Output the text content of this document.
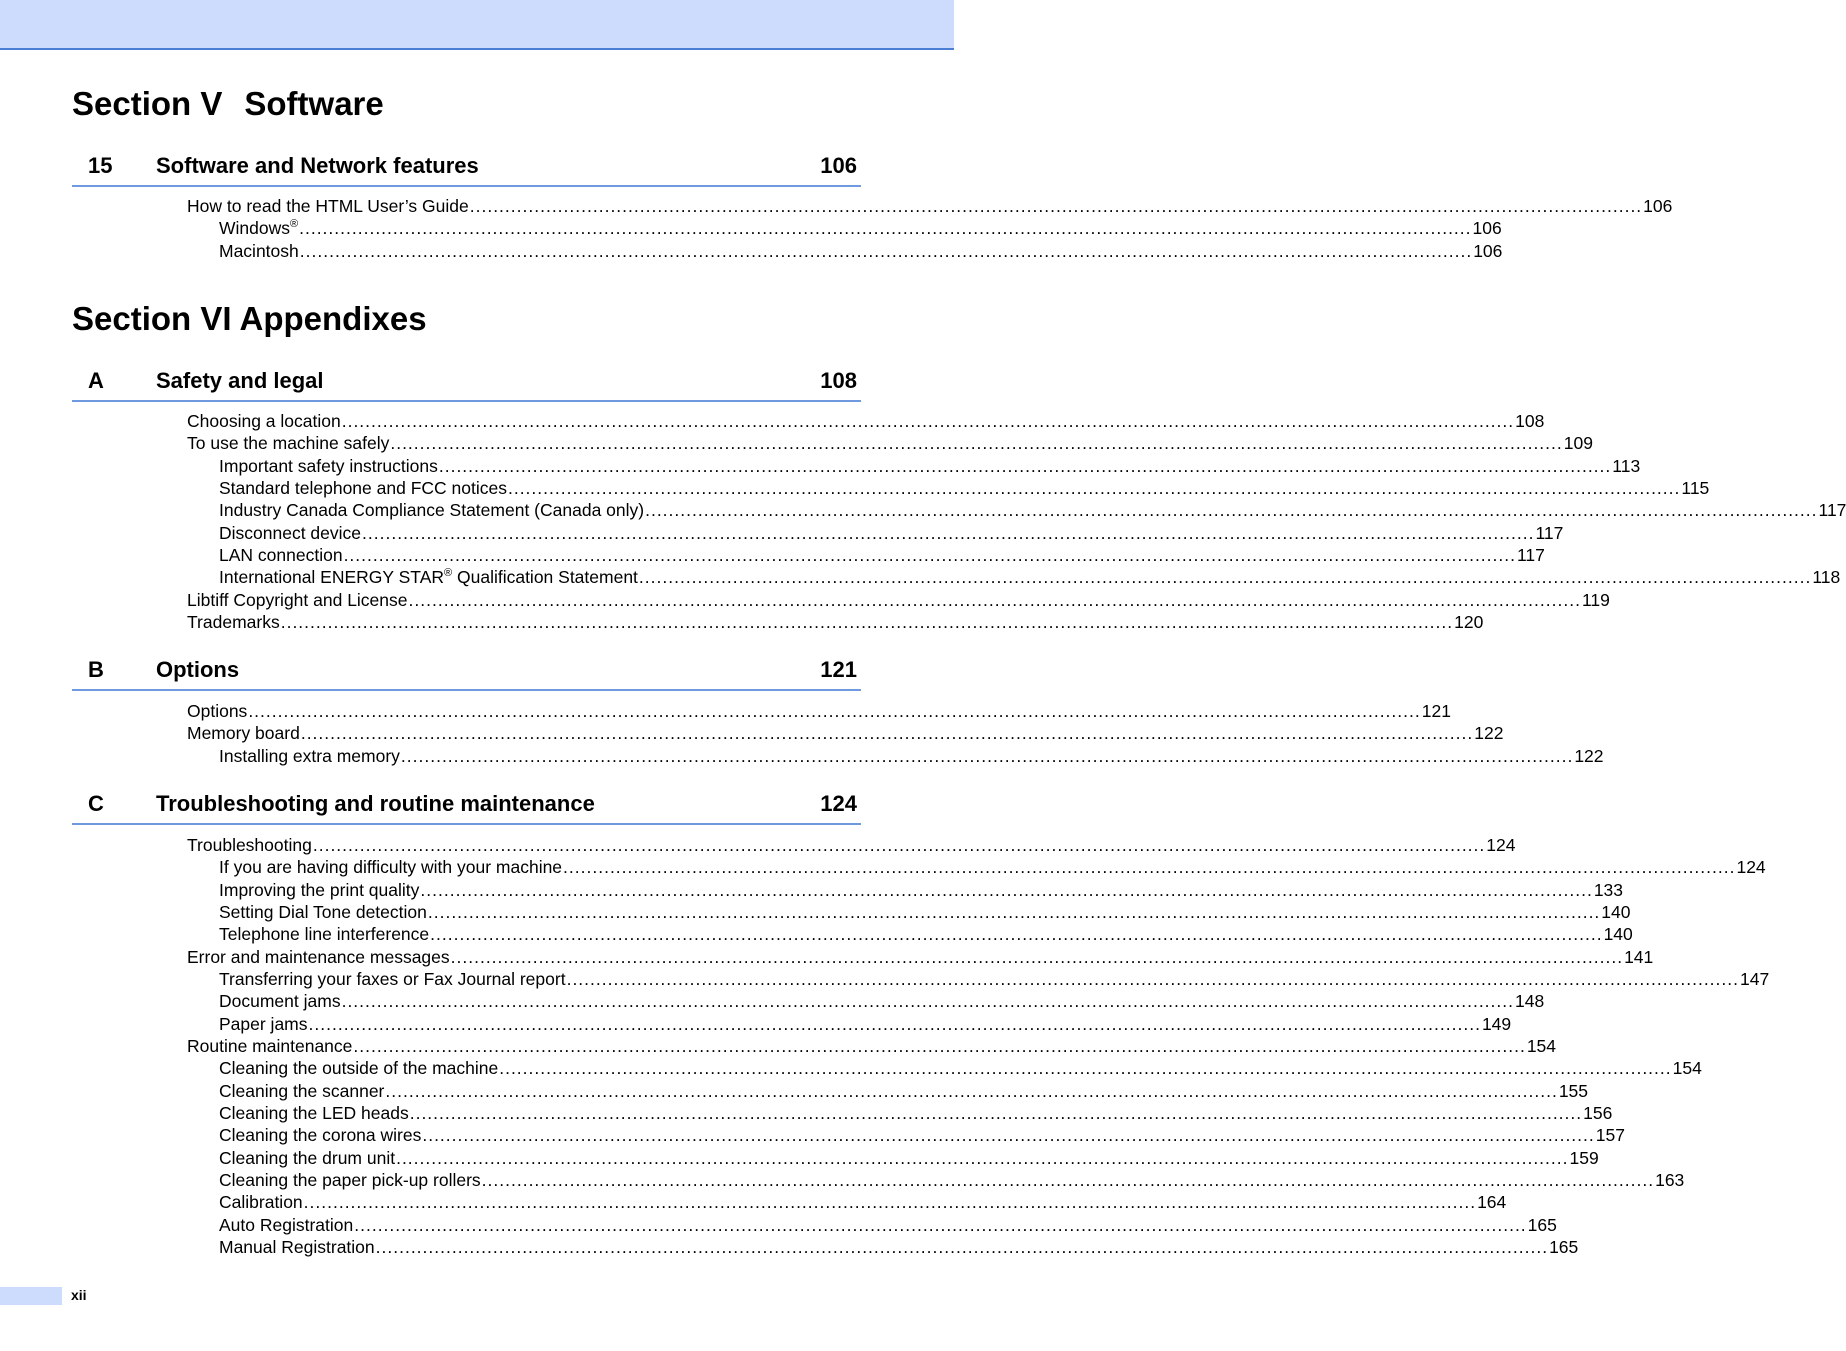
Section V Software
15 Software and Network features	106
How to read the HTML User’s Guide ........................................................................................................................................................................................................ 106
Windows® ........................................................................................................................................................................................................ 106
Macintosh ........................................................................................................................................................................................................ 106
Section VI Appendixes
A Safety and legal	108
Choosing a location ........................................................................................................................................................................................................ 108
To use the machine safely ........................................................................................................................................................................................................ 109
Important safety instructions ........................................................................................................................................................................................................ 113
Standard telephone and FCC notices ........................................................................................................................................................................................................ 115
Industry Canada Compliance Statement (Canada only) ........................................................................................................................................................................................................ 117
Disconnect device ........................................................................................................................................................................................................ 117
LAN connection ........................................................................................................................................................................................................ 117
International ENERGY STAR® Qualification Statement ........................................................................................................................................................................................................ 118
Libtiff Copyright and License ........................................................................................................................................................................................................ 119
Trademarks ........................................................................................................................................................................................................ 120
B Options	121
Options ........................................................................................................................................................................................................ 121
Memory board ........................................................................................................................................................................................................ 122
Installing extra memory ........................................................................................................................................................................................................ 122
C Troubleshooting and routine maintenance	124
Troubleshooting ........................................................................................................................................................................................................ 124
If you are having difficulty with your machine ........................................................................................................................................................................................................ 124
Improving the print quality ........................................................................................................................................................................................................ 133
Setting Dial Tone detection ........................................................................................................................................................................................................ 140
Telephone line interference ........................................................................................................................................................................................................ 140
Error and maintenance messages ........................................................................................................................................................................................................ 141
Transferring your faxes or Fax Journal report ........................................................................................................................................................................................................ 147
Document jams ........................................................................................................................................................................................................ 148
Paper jams ........................................................................................................................................................................................................ 149
Routine maintenance ........................................................................................................................................................................................................ 154
Cleaning the outside of the machine ........................................................................................................................................................................................................ 154
Cleaning the scanner ........................................................................................................................................................................................................ 155
Cleaning the LED heads ........................................................................................................................................................................................................ 156
Cleaning the corona wires ........................................................................................................................................................................................................ 157
Cleaning the drum unit ........................................................................................................................................................................................................ 159
Cleaning the paper pick-up rollers ........................................................................................................................................................................................................ 163
Calibration ........................................................................................................................................................................................................ 164
Auto Registration ........................................................................................................................................................................................................ 165
Manual Registration ........................................................................................................................................................................................................ 165
xii
